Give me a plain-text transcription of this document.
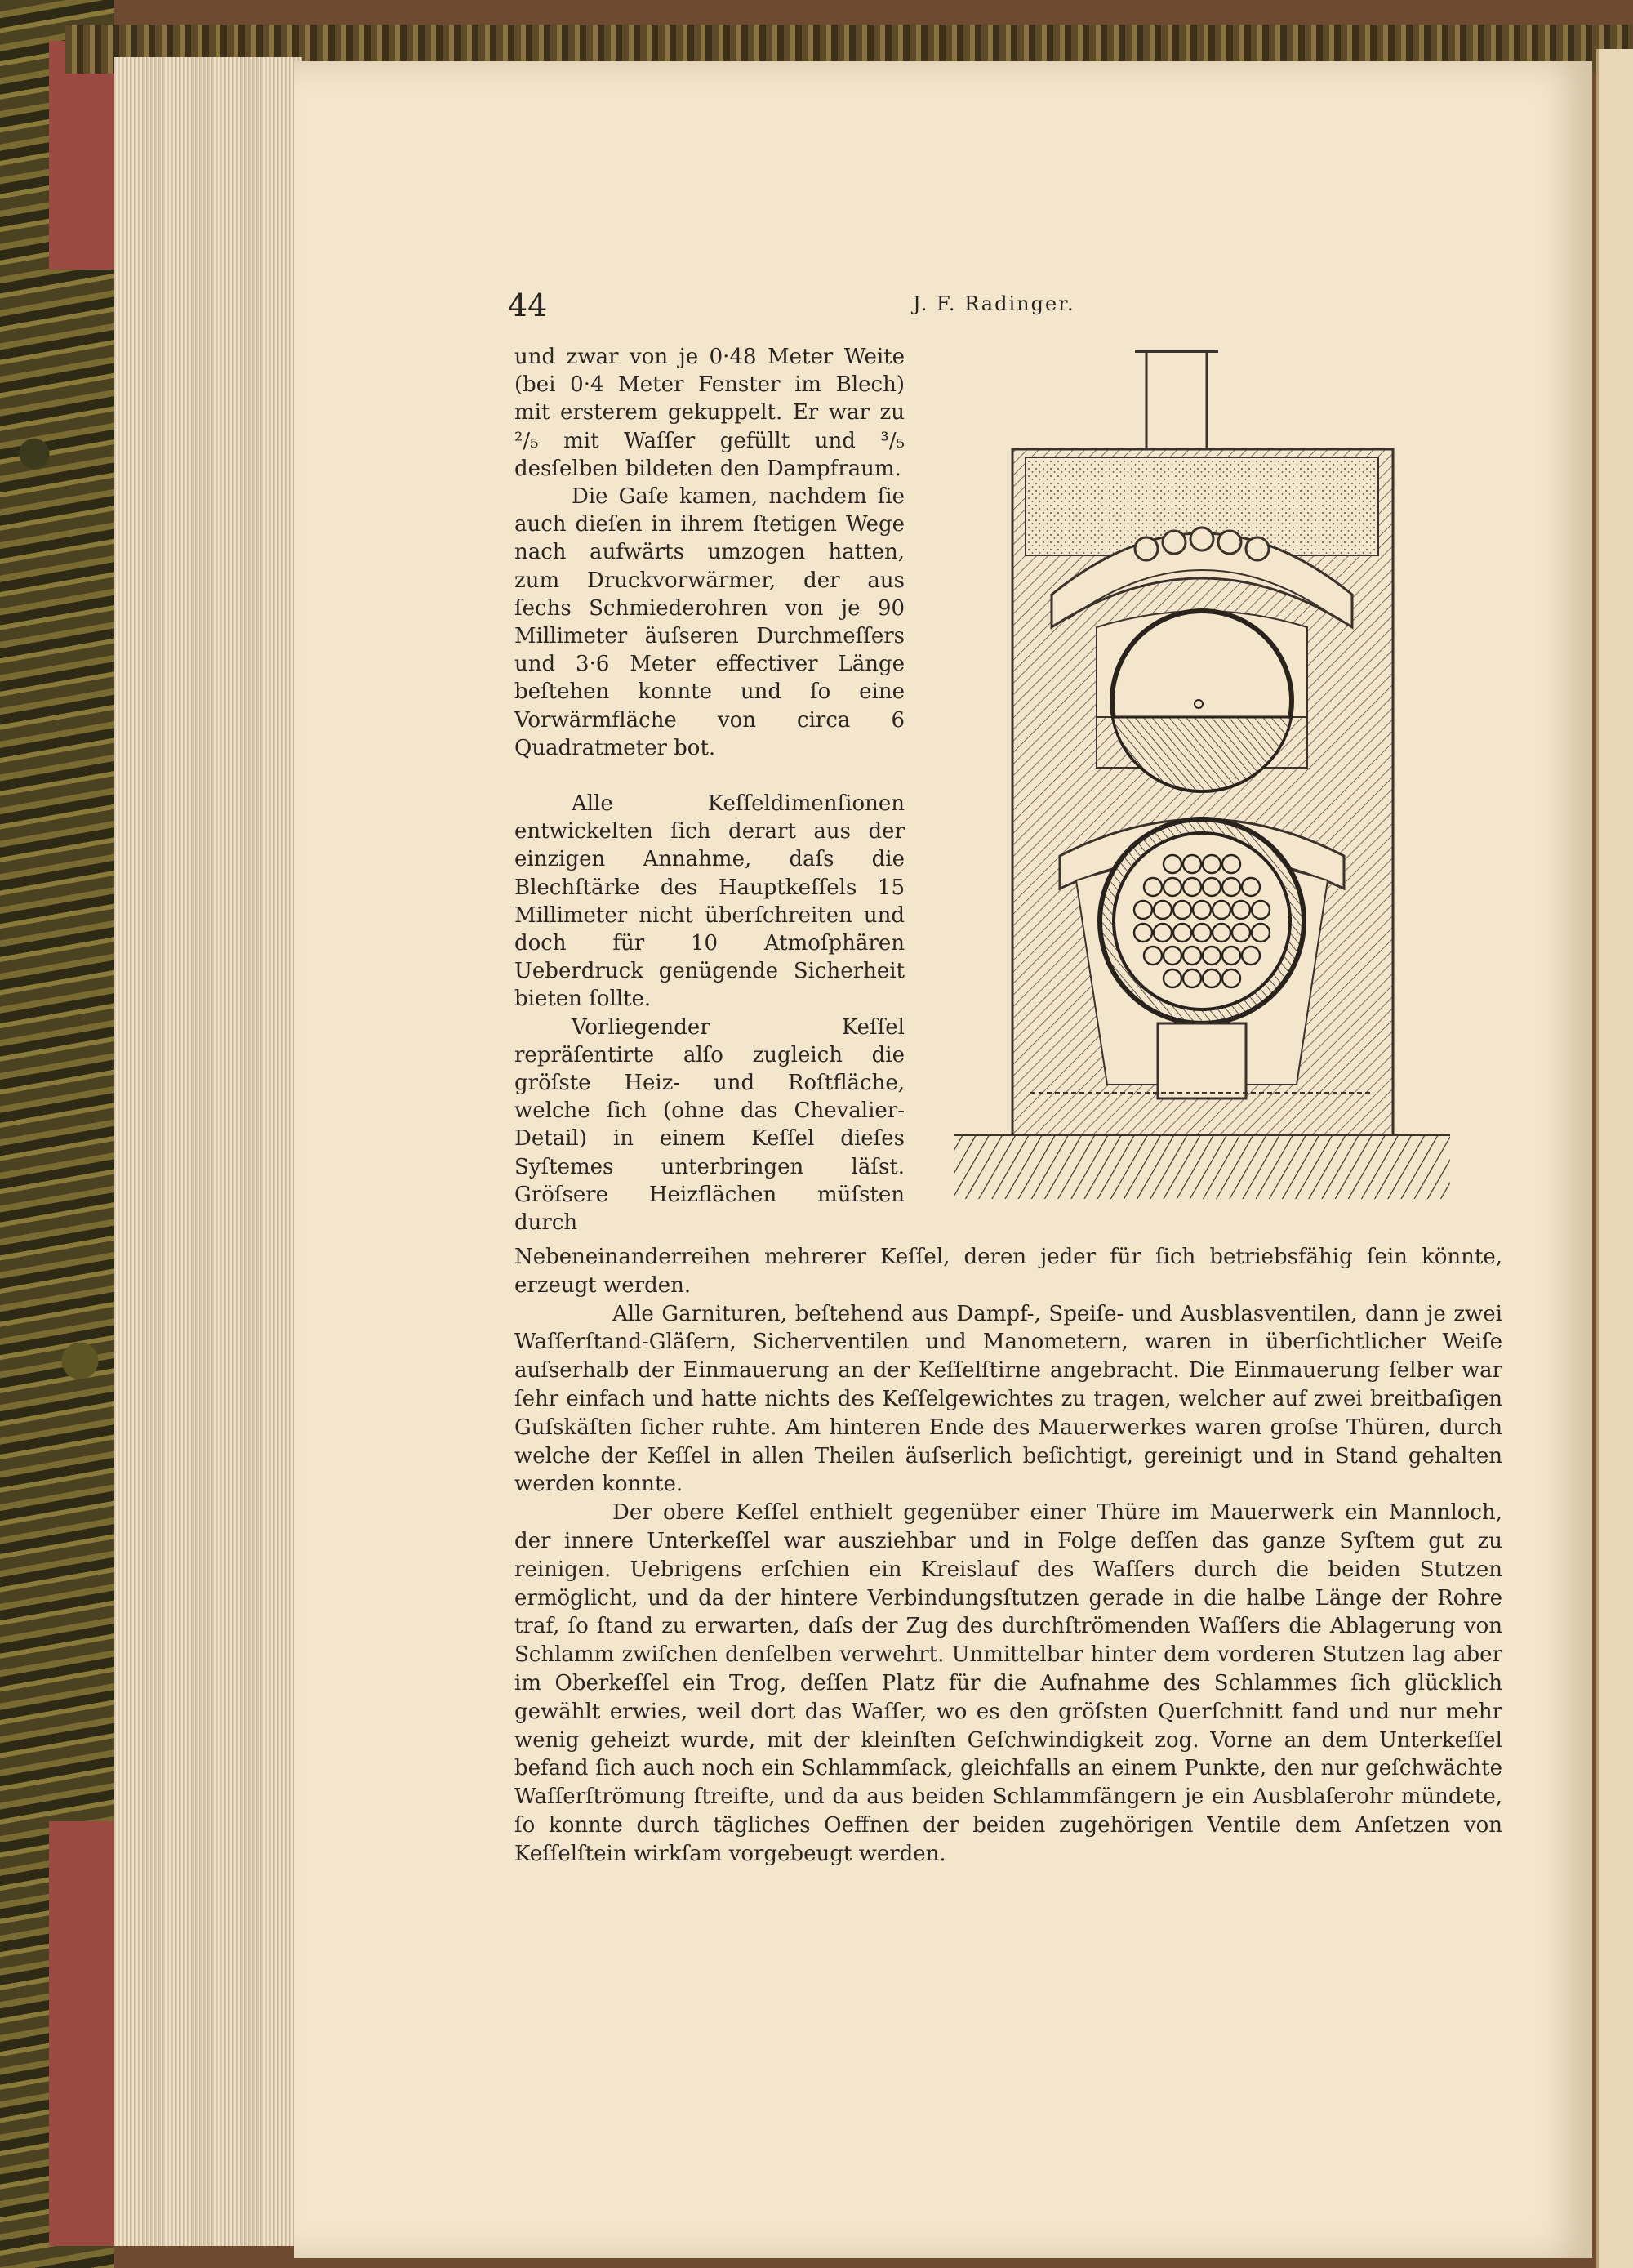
44	J. F. Radinger.

und zwar von je 0·48 Meter Weite (bei 0·4 Meter Fenster im Blech) mit ersterem gekuppelt. Er war zu ²/₅ mit Waſſer gefüllt und ³/₅ desſelben bildeten den Dampfraum.

Die Gaſe kamen, nachdem ſie auch dieſen in ihrem ſtetigen Wege nach aufwärts umzogen hatten, zum Druckvorwärmer, der aus ſechs Schmiederohren von je 90 Millimeter äuſseren Durchmeſſers und 3·6 Meter effectiver Länge beſtehen konnte und ſo eine Vorwärmfläche von circa 6 Quadratmeter bot.

Alle Keſſeldimenſionen entwickelten ſich derart aus der einzigen Annahme, daſs die Blechſtärke des Hauptkeſſels 15 Millimeter nicht überſchreiten und doch für 10 Atmoſphären Ueberdruck genügende Sicherheit bieten ſollte.

Vorliegender Keſſel repräſentirte alſo zugleich die gröſste Heiz- und Roſtfläche, welche ſich (ohne das Chevalier-Detail) in einem Keſſel dieſes Syſtemes unterbringen läſst. Gröſsere Heizflächen müſsten durch

Nebeneinanderreihen mehrerer Keſſel, deren jeder für ſich betriebsfähig ſein könnte, erzeugt werden.

Alle Garnituren, beſtehend aus Dampf-, Speiſe- und Ausblasventilen, dann je zwei Waſſerſtand-Gläſern, Sicherventilen und Manometern, waren in überſichtlicher Weiſe auſserhalb der Einmauerung an der Keſſelſtirne angebracht. Die Einmauerung ſelber war ſehr einfach und hatte nichts des Keſſelgewichtes zu tragen, welcher auf zwei breitbaſigen Guſskäſten ſicher ruhte. Am hinteren Ende des Mauerwerkes waren groſse Thüren, durch welche der Keſſel in allen Theilen äuſserlich beſichtigt, gereinigt und in Stand gehalten werden konnte.

Der obere Keſſel enthielt gegenüber einer Thüre im Mauerwerk ein Mannloch, der innere Unterkeſſel war ausziehbar und in Folge deſſen das ganze Syſtem gut zu reinigen. Uebrigens erſchien ein Kreislauf des Waſſers durch die beiden Stutzen ermöglicht, und da der hintere Verbindungsſtutzen gerade in die halbe Länge der Rohre traf, ſo ſtand zu erwarten, daſs der Zug des durchſtrömenden Waſſers die Ablagerung von Schlamm zwiſchen denſelben verwehrt. Unmittelbar hinter dem vorderen Stutzen lag aber im Oberkeſſel ein Trog, deſſen Platz für die Aufnahme des Schlammes ſich glücklich gewählt erwies, weil dort das Waſſer, wo es den gröſsten Querſchnitt fand und nur mehr wenig geheizt wurde, mit der kleinſten Geſchwindigkeit zog. Vorne an dem Unterkeſſel befand ſich auch noch ein Schlammſack, gleichfalls an einem Punkte, den nur geſchwächte Waſſerſtrömung ſtreifte, und da aus beiden Schlammfängern je ein Ausblaſerohr mündete, ſo konnte durch tägliches Oeffnen der beiden zugehörigen Ventile dem Anſetzen von Keſſelſtein wirkſam vorgebeugt werden.
